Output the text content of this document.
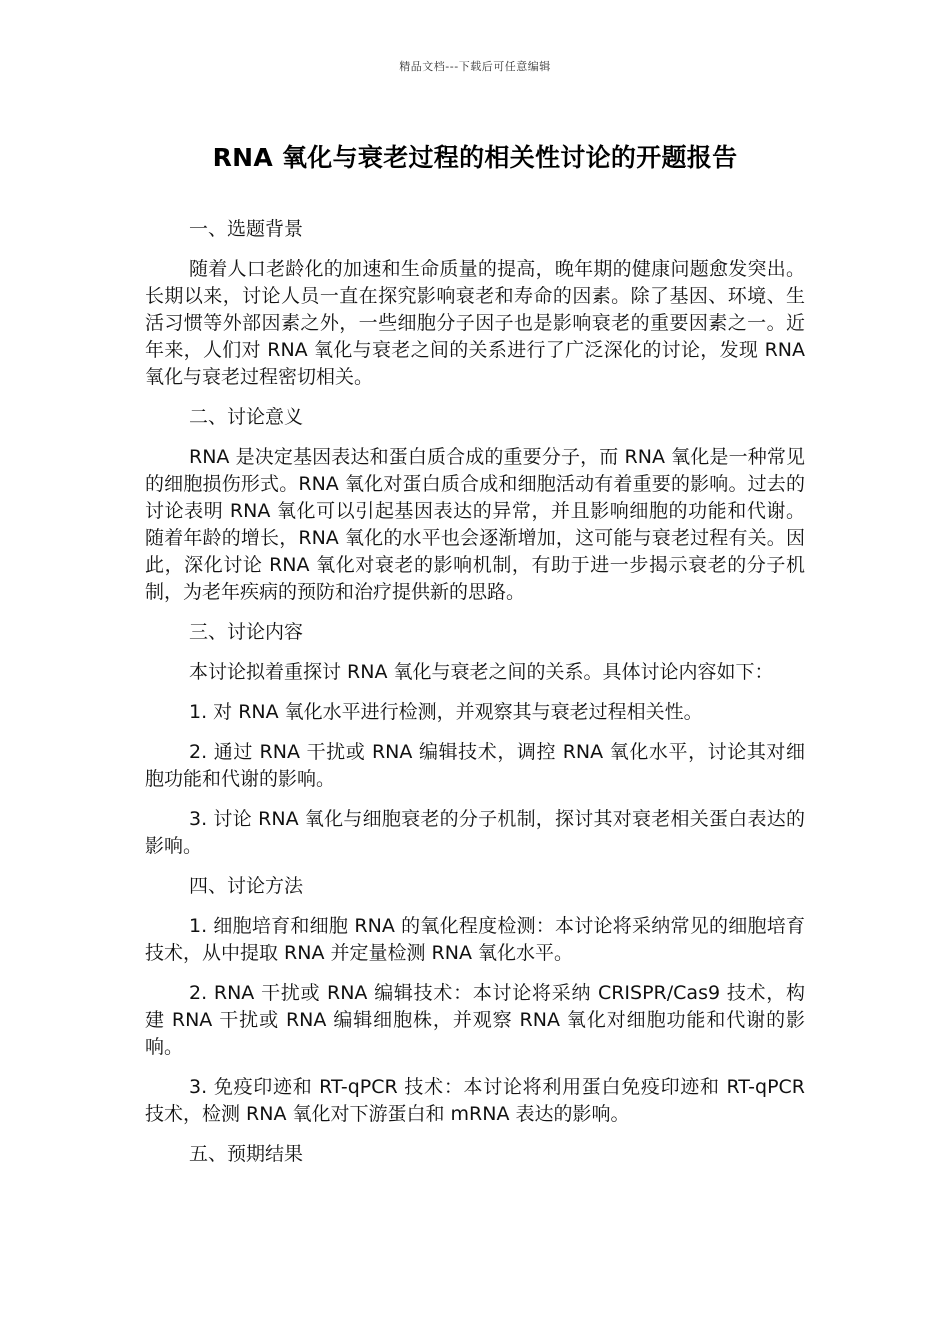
精品文档---下载后可任意编辑
RNA 氧化与衰老过程的相关性讨论的开题报告

一、选题背景

随着人口老龄化的加速和生命质量的提高，晚年期的健康问题愈发突出。长期以来，讨论人员一直在探究影响衰老和寿命的因素。除了基因、环境、生活习惯等外部因素之外，一些细胞分子因子也是影响衰老的重要因素之一。近年来，人们对 RNA 氧化与衰老之间的关系进行了广泛深化的讨论，发现 RNA 氧化与衰老过程密切相关。

二、讨论意义

RNA 是决定基因表达和蛋白质合成的重要分子，而 RNA 氧化是一种常见的细胞损伤形式。RNA 氧化对蛋白质合成和细胞活动有着重要的影响。过去的讨论表明 RNA 氧化可以引起基因表达的异常，并且影响细胞的功能和代谢。随着年龄的增长，RNA 氧化的水平也会逐渐增加，这可能与衰老过程有关。因此，深化讨论 RNA 氧化对衰老的影响机制，有助于进一步揭示衰老的分子机制，为老年疾病的预防和治疗提供新的思路。

三、讨论内容

本讨论拟着重探讨 RNA 氧化与衰老之间的关系。具体讨论内容如下：

1. 对 RNA 氧化水平进行检测，并观察其与衰老过程相关性。

2. 通过 RNA 干扰或 RNA 编辑技术，调控 RNA 氧化水平，讨论其对细胞功能和代谢的影响。

3. 讨论 RNA 氧化与细胞衰老的分子机制，探讨其对衰老相关蛋白表达的影响。

四、讨论方法

1. 细胞培育和细胞 RNA 的氧化程度检测：本讨论将采纳常见的细胞培育技术，从中提取 RNA 并定量检测 RNA 氧化水平。

2. RNA 干扰或 RNA 编辑技术：本讨论将采纳 CRISPR/Cas9 技术，构建 RNA 干扰或 RNA 编辑细胞株，并观察 RNA 氧化对细胞功能和代谢的影响。

3. 免疫印迹和 RT-qPCR 技术：本讨论将利用蛋白免疫印迹和 RT-qPCR 技术，检测 RNA 氧化对下游蛋白和 mRNA 表达的影响。

五、预期结果
